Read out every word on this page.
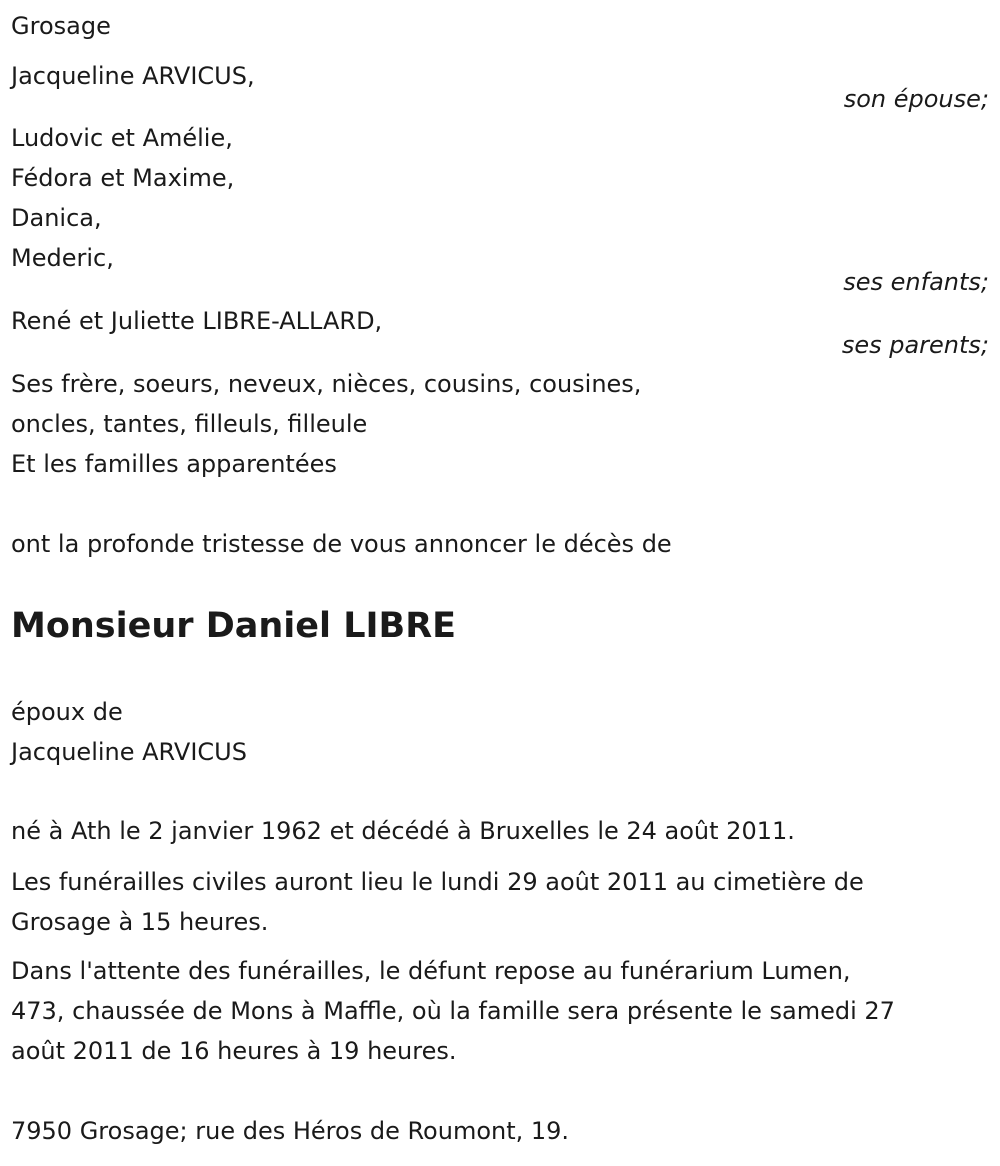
Grosage
Jacqueline ARVICUS,
son épouse;
Ludovic et Amélie,
Fédora et Maxime,
Danica,
Mederic,
ses enfants;
René et Juliette LIBRE-ALLARD,
ses parents;
Ses frère, soeurs, neveux, nièces, cousins, cousines,
oncles, tantes, filleuls, filleule
Et les familles apparentées
ont la profonde tristesse de vous annoncer le décès de
Monsieur Daniel LIBRE
époux de
Jacqueline ARVICUS
né à Ath le 2 janvier 1962 et décédé à Bruxelles le 24 août 2011.
Les funérailles civiles auront lieu le lundi 29 août 2011 au cimetière de
Grosage à 15 heures.
Dans l'attente des funérailles, le défunt repose au funérarium Lumen,
473, chaussée de Mons à Maffle, où la famille sera présente le samedi 27
août 2011 de 16 heures à 19 heures.
7950 Grosage; rue des Héros de Roumont, 19.
